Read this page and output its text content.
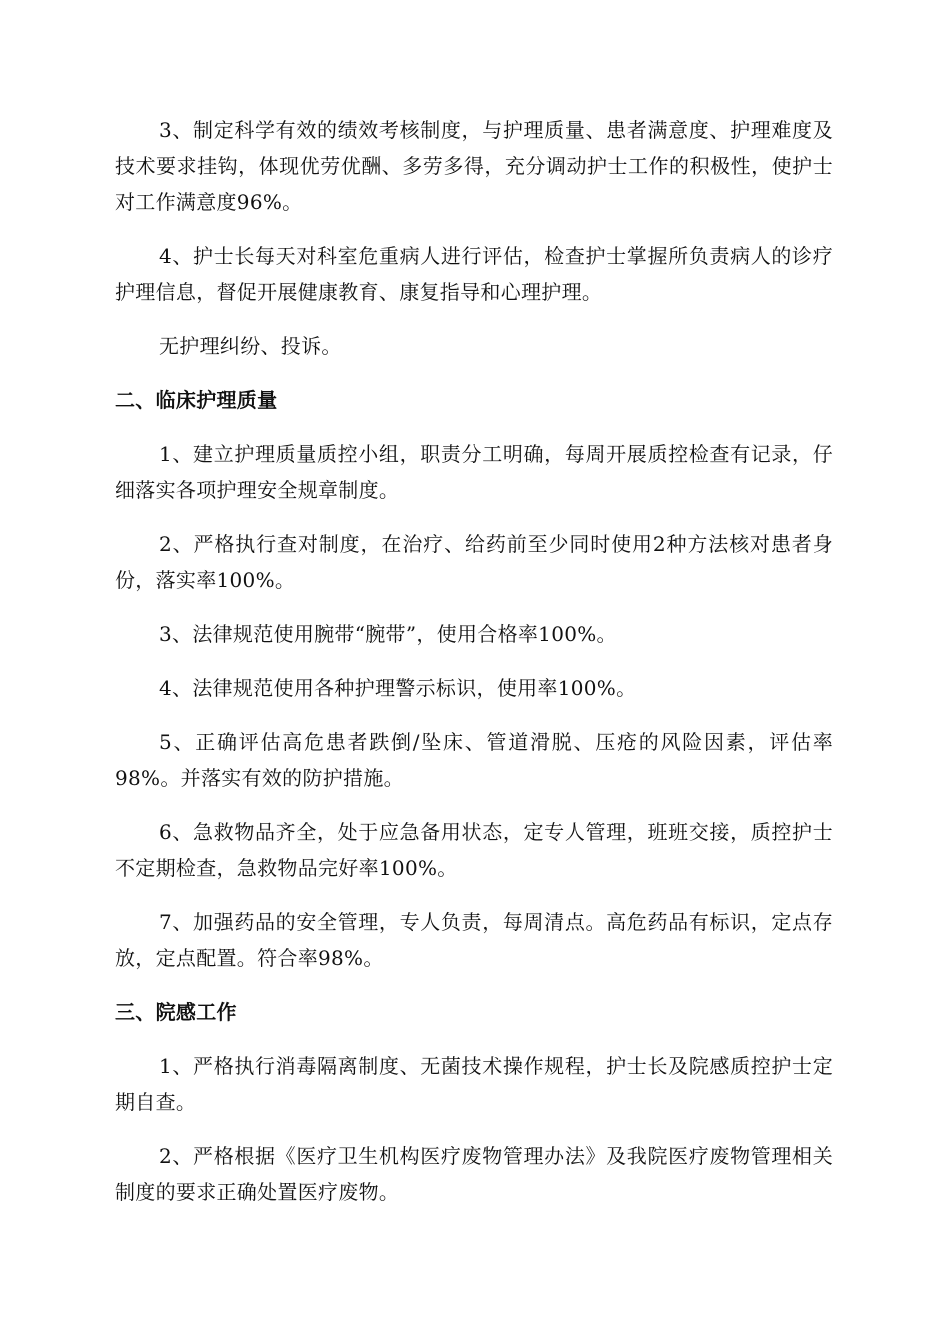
3、制定科学有效的绩效考核制度，与护理质量、患者满意度、护理难度及技术要求挂钩，体现优劳优酬、多劳多得，充分调动护士工作的积极性，使护士对工作满意度96%。

4、护士长每天对科室危重病人进行评估，检查护士掌握所负责病人的诊疗护理信息，督促开展健康教育、康复指导和心理护理。

无护理纠纷、投诉。

二、临床护理质量

1、建立护理质量质控小组，职责分工明确，每周开展质控检查有记录，仔细落实各项护理安全规章制度。

2、严格执行查对制度，在治疗、给药前至少同时使用2种方法核对患者身份，落实率100%。

3、法律规范使用腕带“腕带”，使用合格率100%。

4、法律规范使用各种护理警示标识，使用率100%。

5、正确评估高危患者跌倒/坠床、管道滑脱、压疮的风险因素，评估率98%。并落实有效的防护措施。

6、急救物品齐全，处于应急备用状态，定专人管理，班班交接，质控护士不定期检查，急救物品完好率100%。

7、加强药品的安全管理，专人负责，每周清点。高危药品有标识，定点存放，定点配置。符合率98%。

三、院感工作

1、严格执行消毒隔离制度、无菌技术操作规程，护士长及院感质控护士定期自查。

2、严格根据《医疗卫生机构医疗废物管理办法》及我院医疗废物管理相关制度的要求正确处置医疗废物。
